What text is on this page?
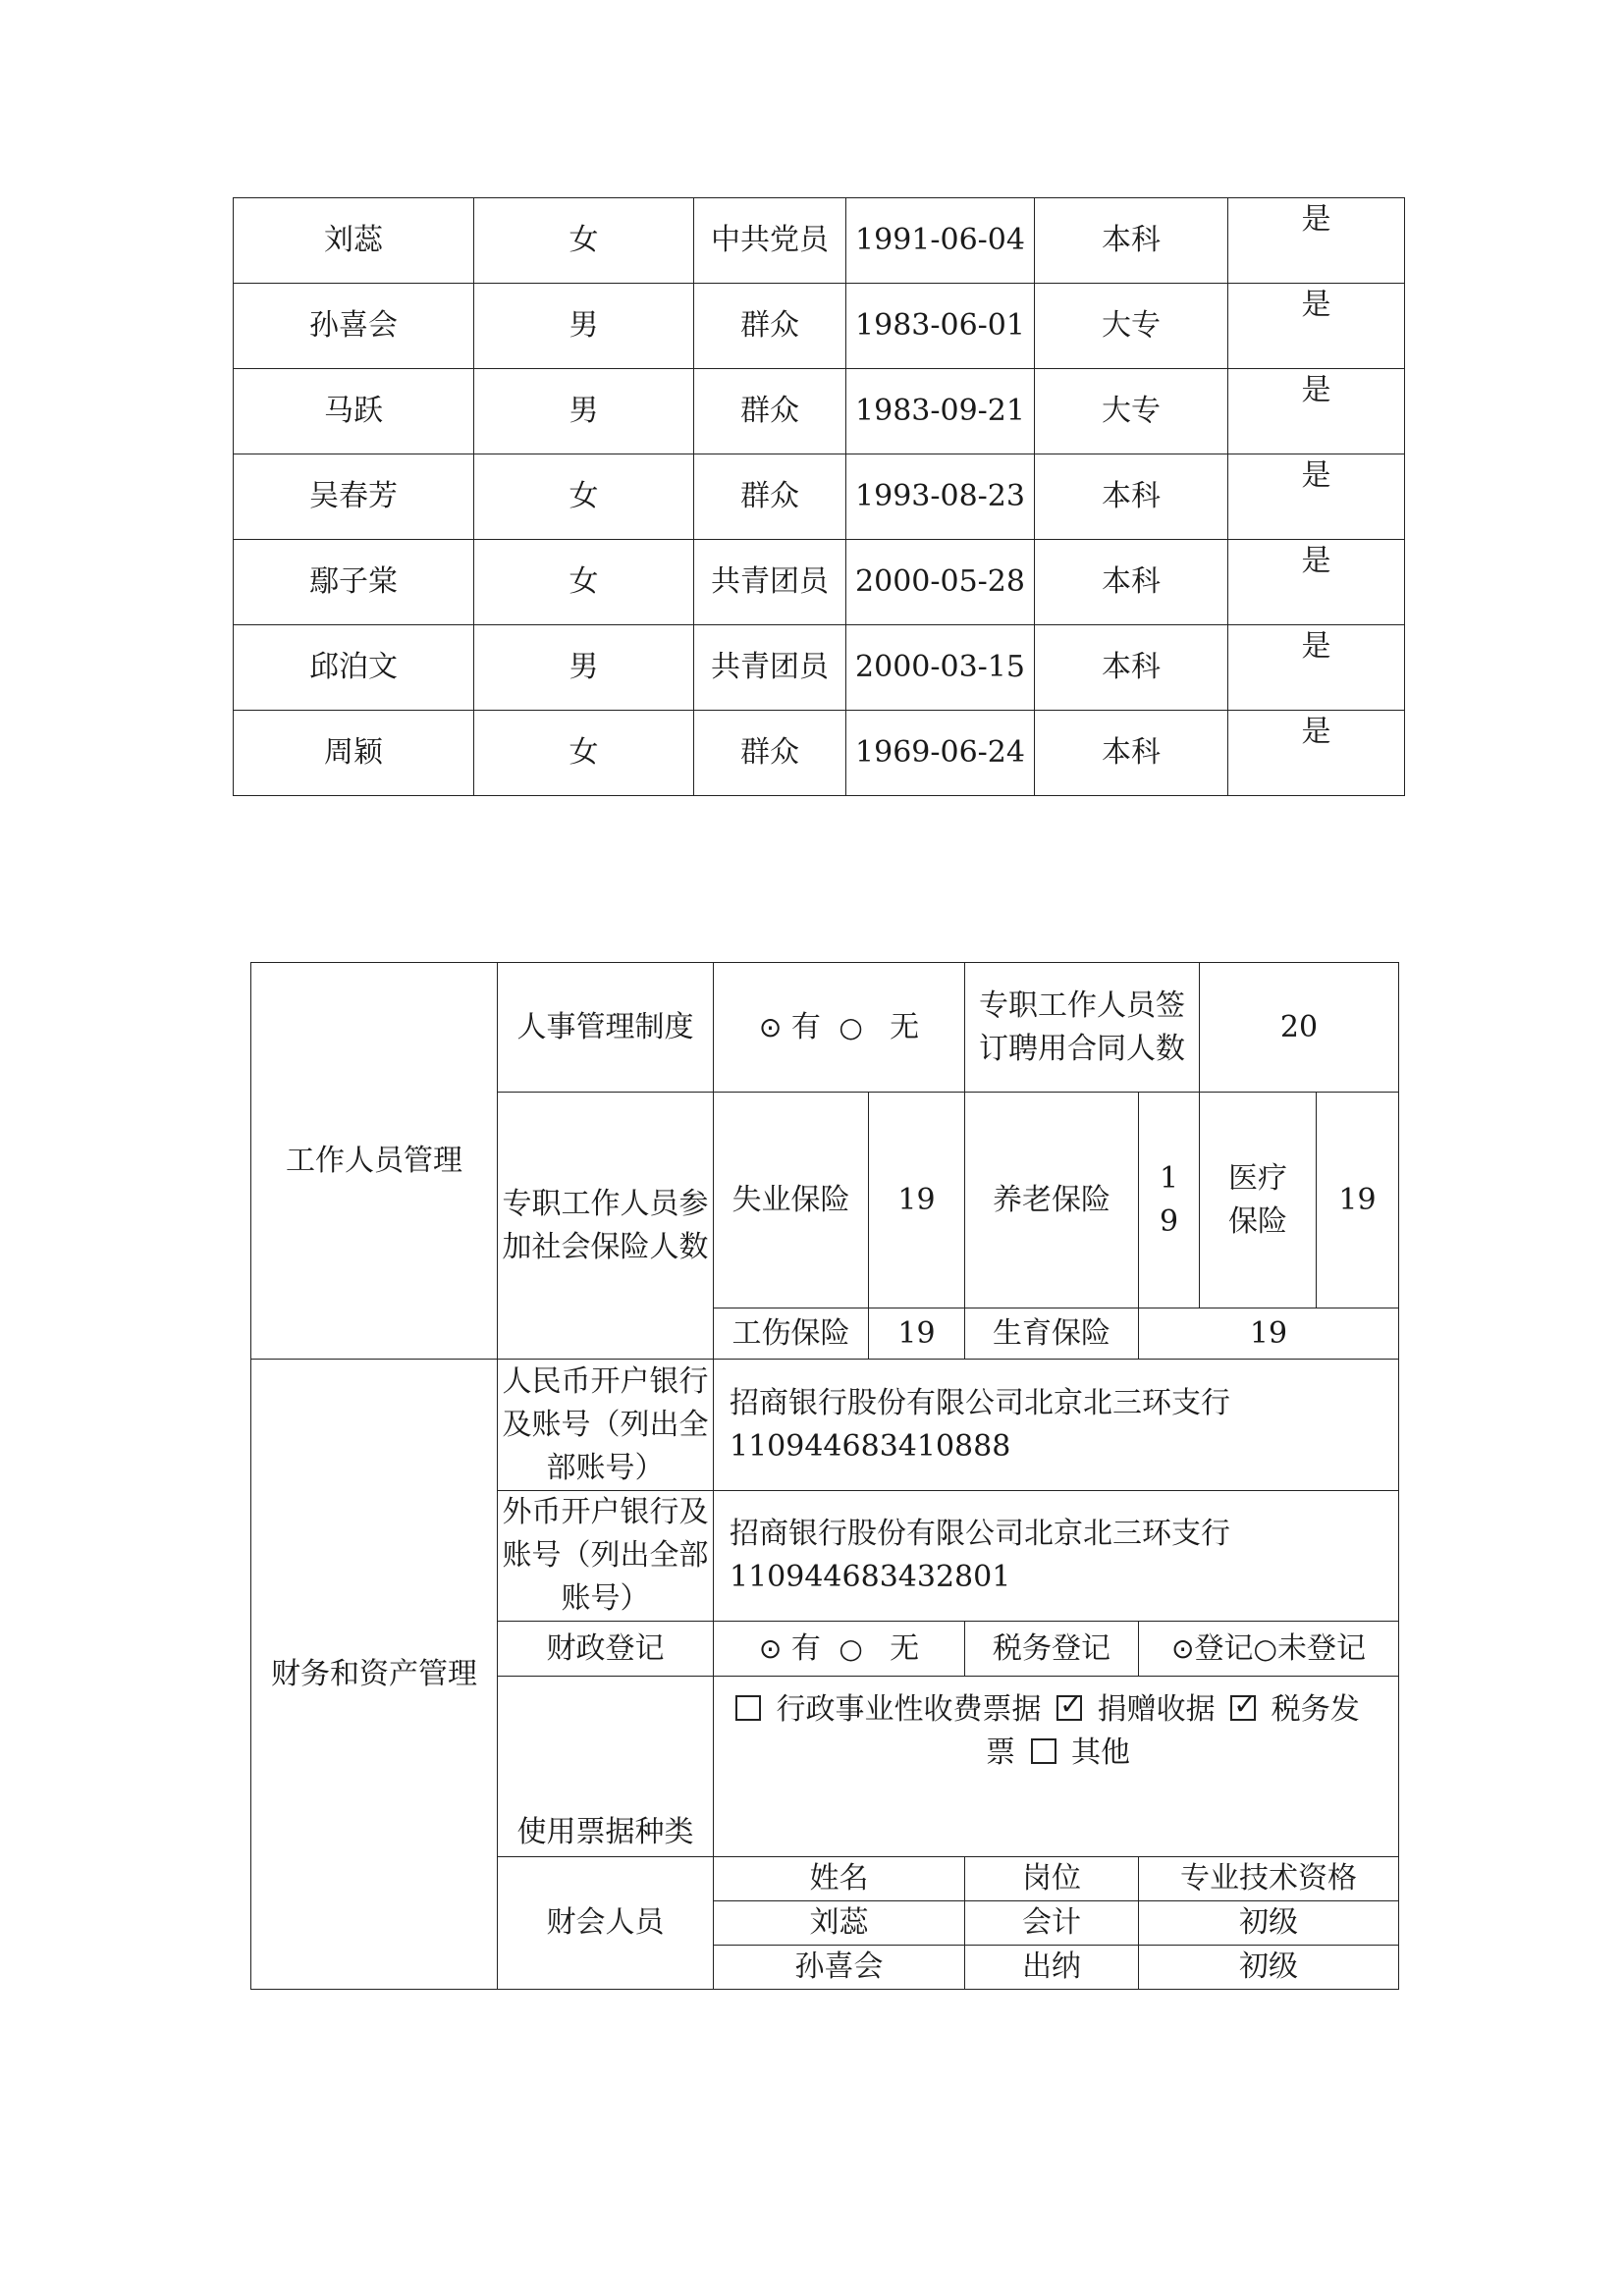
刘蕊	女	中共党员	1991-06-04	本科	是
孙喜会	男	群众	1983-06-01	大专	是
马跃	男	群众	1983-09-21	大专	是
吴春芳	女	群众	1993-08-23	本科	是
鄢子棠	女	共青团员	2000-05-28	本科	是
邱泊文	男	共青团员	2000-03-15	本科	是
周颖	女	群众	1969-06-24	本科	是
工作人员管理	人事管理制度	⊙ 有  ○   无		专职工作人员签订聘用合同人数		20	
	专职工作人员参加社会保险人数	失业保险	19	养老保险	19	医疗保险	19
		工伤保险	19	生育保险	19		
财务和资产管理	人民币开户银行及账号（列出全部账号）	招商银行股份有限公司北京北三环支行
110944683410888					

	外币开户银行及账号（列出全部账号）	招商银行股份有限公司北京北三环支行
110944683432801					

	财政登记	⊙ 有  ○   无		税务登记	⊙登记○未登记		
	使用票据种类	行政事业性收费票据 ✓ 捐赠收据 ✓ 税务发
票 其他

	财会人员	姓名		岗位	专业技术资格		
		刘蕊		会计	初级		
		孙喜会		出纳	初级		
